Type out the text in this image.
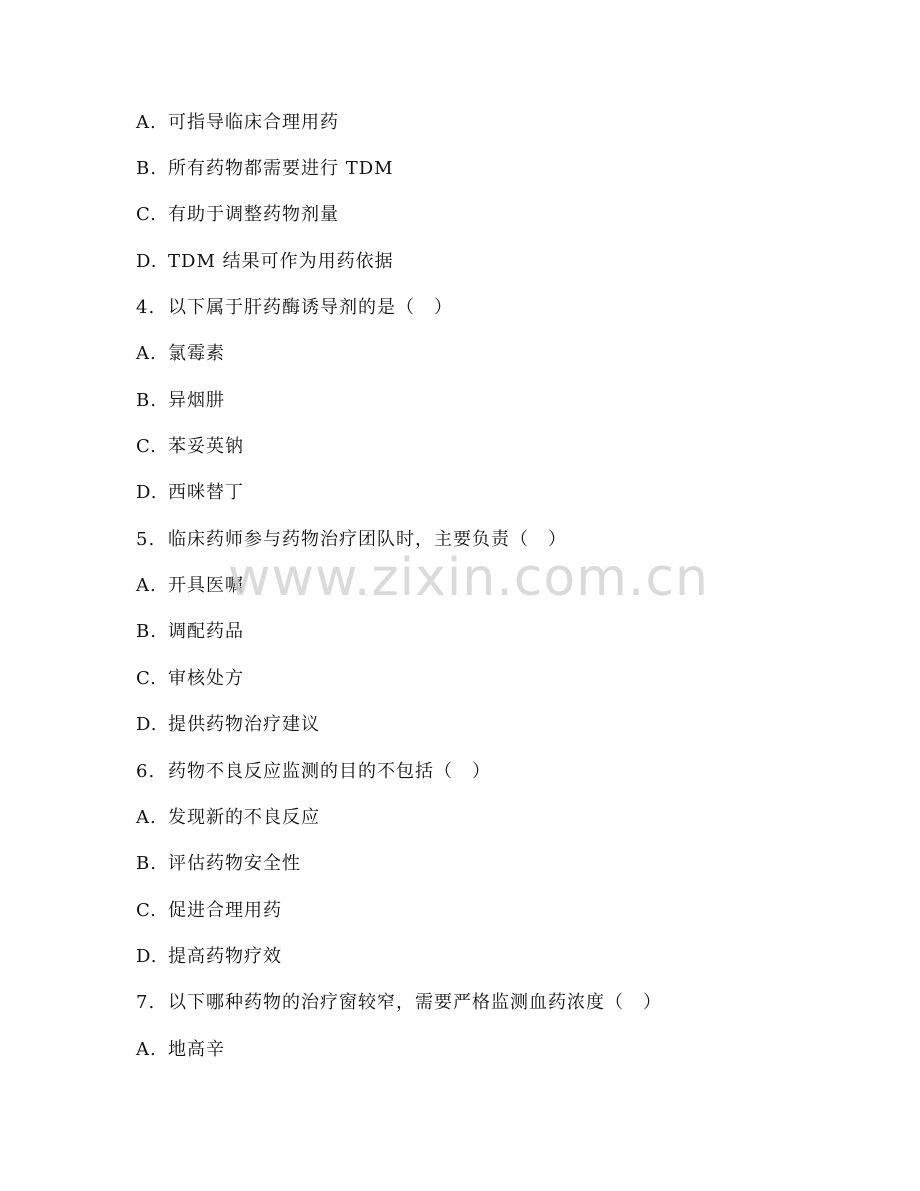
A. 可指导临床合理用药
B. 所有药物都需要进行 TDM
C. 有助于调整药物剂量
D. TDM 结果可作为用药依据
4. 以下属于肝药酶诱导剂的是（　）
A. 氯霉素
B. 异烟肼
C. 苯妥英钠
D. 西咪替丁
5. 临床药师参与药物治疗团队时，主要负责（　）
A. 开具医嘱
B. 调配药品
C. 审核处方
D. 提供药物治疗建议
6. 药物不良反应监测的目的不包括（　）
A. 发现新的不良反应
B. 评估药物安全性
C. 促进合理用药
D. 提高药物疗效
7. 以下哪种药物的治疗窗较窄，需要严格监测血药浓度（　）
A. 地高辛
www.zixin.com.cn
